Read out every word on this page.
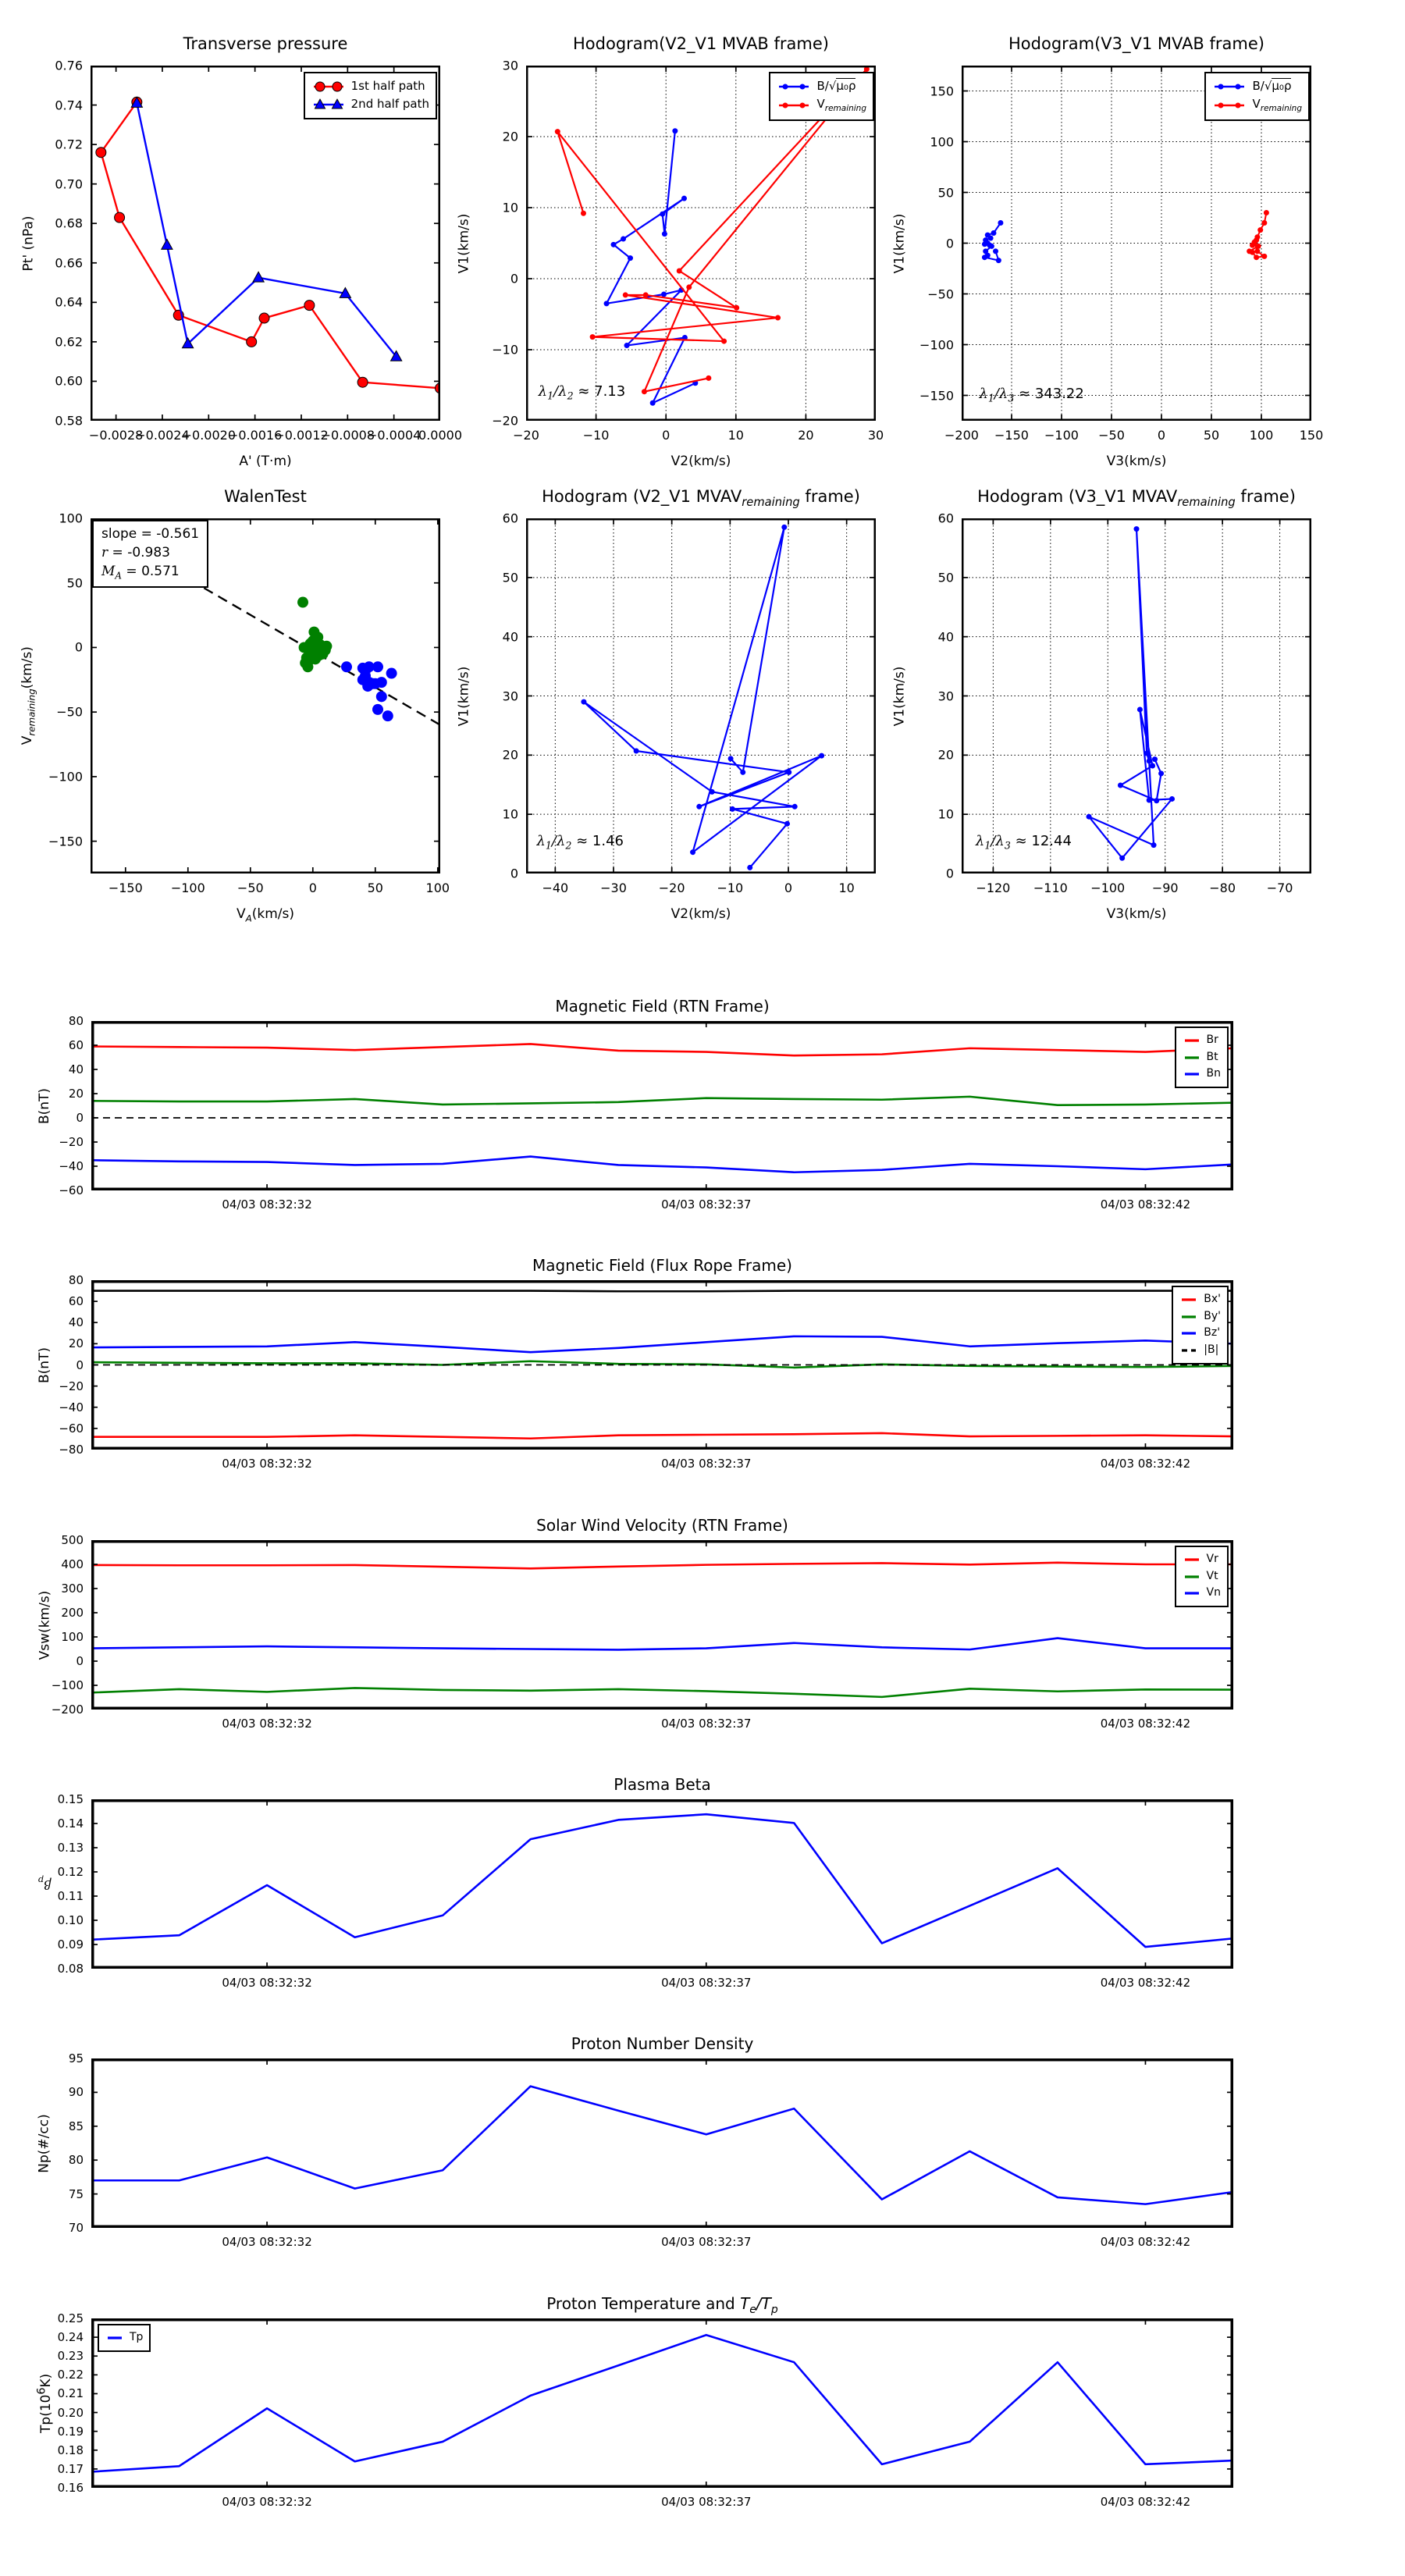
Transverse pressure
−0.0028
−0.0024
−0.0020
−0.0016
−0.0012
−0.0008
−0.0004
0.0000
0.58
0.60
0.62
0.64
0.66
0.68
0.70
0.72
0.74
0.76
A' (T·m)
Pt' (nPa)
1st half path
2nd half path
Hodogram(V2_V1 MVAB frame)
−20	−10	0	10	20	30
−20
−10
0
10
20
30
V2(km/s)
V1(km/s)
$\lambda_1/\lambda_2 \approx 7.13$
B/√μ₀ρ
$V_{remaining}$
Hodogram(V3_V1 MVAB frame)
−200 −150 −100 −50	0	50 100 150
−150
−100
−50
0
50
100
150
V3(km/s)
V1(km/s)
$\lambda_1/\lambda_3 \approx 343.22$
B/√μ₀ρ
$V_{remaining}$
WalenTest
−150 −100	−50	0	50	100
−150
−100
−50
0
50
100
$V_A(km/s)$
$V_{remaining}(km/s)$
slope = -0.561
r = -0.983
$M_A = 0.571$
Hodogram (V2_V1 $MVAV_{remaining}$ frame)
−40	−30	−20	−10	0	10
0
10
20
30
40
50
60
V2(km/s)
V1(km/s)
$\lambda_1/\lambda_2 \approx 1.46$
Hodogram (V3_V1 $MVAV_{remaining}$ frame)
−120 −110 −100 −90 −80 −70
0
10
20
30
40
50
60
V3(km/s)
V1(km/s)
$\lambda_1/\lambda_3 \approx 12.44$
Magnetic Field (RTN Frame)
04/03 08:32:32	04/03 08:32:37	04/03 08:32:42
−60
−40
−20
0
20
40
60
80
B(nT)
Br
Bt
Bn
Magnetic Field (Flux Rope Frame)
04/03 08:32:32	04/03 08:32:37	04/03 08:32:42
−80
−60
−40
−20
0
20
40
60
80
B(nT)
Bx'
By'
Bz'
|B|
Solar Wind Velocity (RTN Frame)
04/03 08:32:32	04/03 08:32:37	04/03 08:32:42
−200
−100
0
100
200
300
400
500
Vsw(km/s)
Vr
Vt
Vn
Plasma Beta
04/03 08:32:32	04/03 08:32:37	04/03 08:32:42
0.08
0.09
0.10
0.11
0.12
0.13
0.14
0.15
$\beta_p$
Proton Number Density
04/03 08:32:32	04/03 08:32:37	04/03 08:32:42
70
75
80
85
90
95
Np(#/cc)
Proton Temperature and $T_e/T_p$
04/03 08:32:32	04/03 08:32:37	04/03 08:32:42
0.16
0.17
0.18
0.19
0.20
0.21
0.22
0.23
0.24
0.25
$Tp(10^6K)$
Tp
